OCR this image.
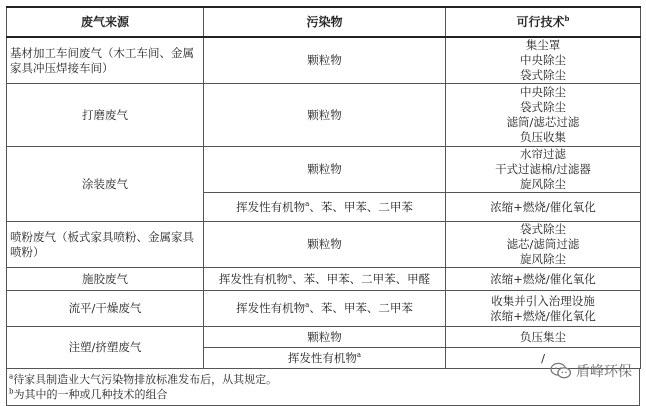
废气来源	污染物	可行技术$^b$
基材加工车间废气（木工车间、金属家具冲压焊接车间）	颗粒物	集尘罩
中央除尘
袋式除尘

打磨废气	颗粒物	中央除尘
袋式除尘
滤筒/滤芯过滤
负压收集

涂装废气	颗粒物	水帘过滤
干式过滤棉/过滤器
旋风除尘

	挥发性有机物$^a$、苯、甲苯、二甲苯	浓缩+燃烧/催化氧化
喷粉废气（板式家具喷粉、金属家具喷粉）	颗粒物	袋式除尘
滤芯/滤筒过滤
旋风除尘

施胶废气	挥发性有机物$^a$、苯、甲苯、二甲苯、甲醛	浓缩+燃烧/催化氧化
流平/干燥废气	挥发性有机物$^a$、苯、甲苯、二甲苯	收集并引入治理设施
浓缩+燃烧/催化氧化

注塑/挤塑废气	颗粒物	负压集尘
	挥发性有机物$^a$	/
$^a$待家具制造业大气污染物排放标准发布后，从其规定。
$^b$为其中的一种或几种技术的组合
盾峰环保
